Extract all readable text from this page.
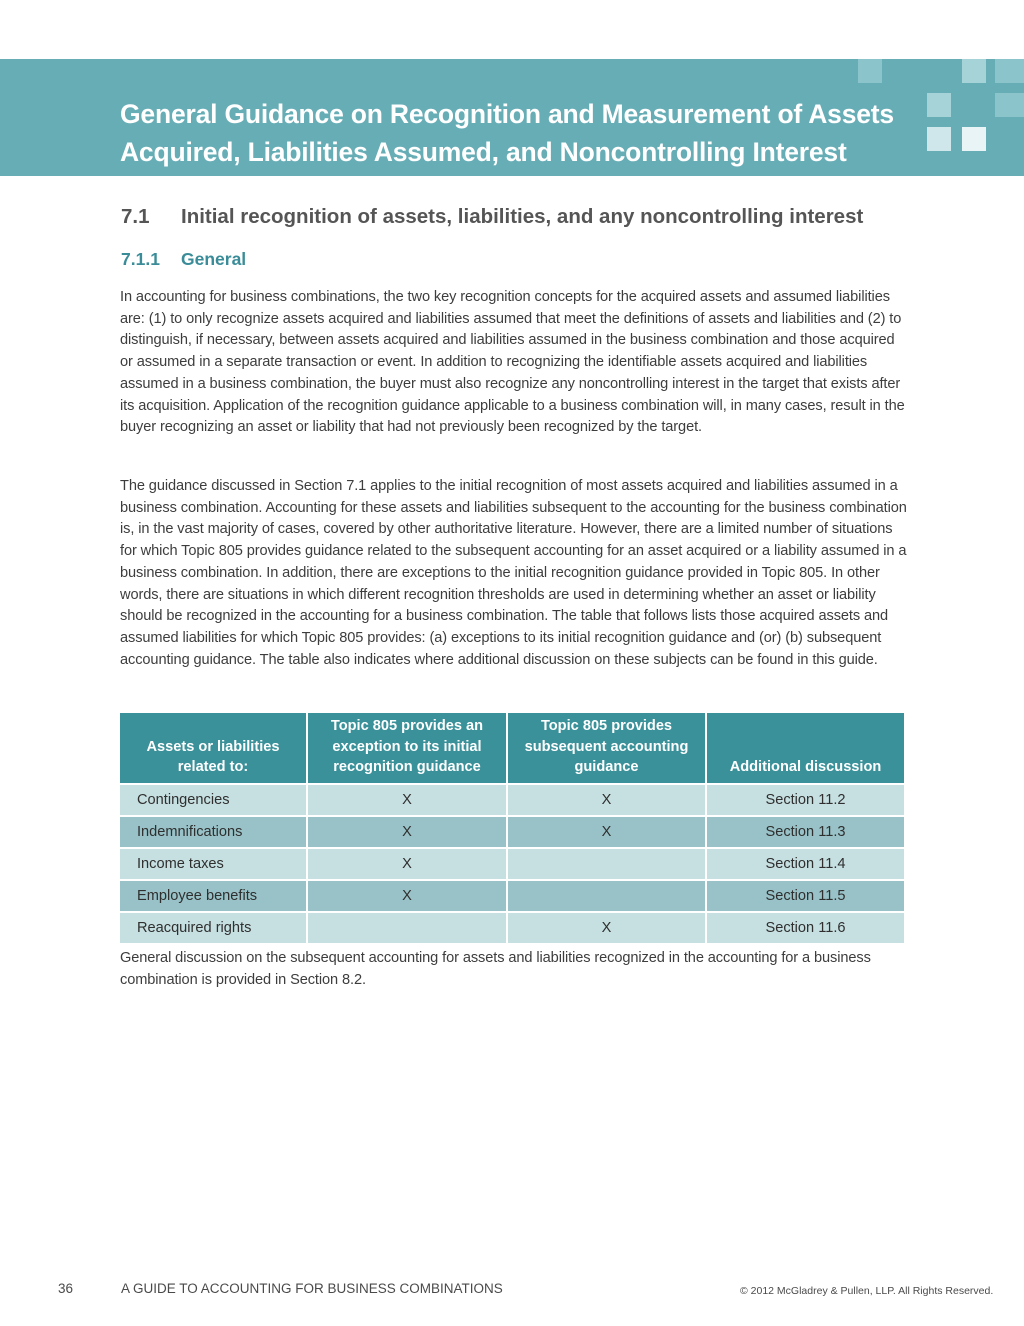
General Guidance on Recognition and Measurement of Assets
Acquired, Liabilities Assumed, and Noncontrolling Interest
7.1 Initial recognition of assets, liabilities, and any noncontrolling interest
7.1.1 General

In accounting for business combinations, the two key recognition concepts for the acquired assets and assumed liabilities are: (1) to only recognize assets acquired and liabilities assumed that meet the definitions of assets and liabilities and (2) to distinguish, if necessary, between assets acquired and liabilities assumed in the business combination and those acquired or assumed in a separate transaction or event. In addition to recognizing the identifiable assets acquired and liabilities assumed in a business combination, the buyer must also recognize any noncontrolling interest in the target that exists after its acquisition. Application of the recognition guidance applicable to a business combination will, in many cases, result in the buyer recognizing an asset or liability that had not previously been recognized by the target.

The guidance discussed in Section 7.1 applies to the initial recognition of most assets acquired and liabilities assumed in a business combination. Accounting for these assets and liabilities subsequent to the accounting for the business combination is, in the vast majority of cases, covered by other authoritative literature. However, there are a limited number of situations for which Topic 805 provides guidance related to the subsequent accounting for an asset acquired or a liability assumed in a business combination. In addition, there are exceptions to the initial recognition guidance provided in Topic 805. In other words, there are situations in which different recognition thresholds are used in determining whether an asset or liability should be recognized in the accounting for a business combination. The table that follows lists those acquired assets and assumed liabilities for which Topic 805 provides: (a) exceptions to its initial recognition guidance and (or) (b) subsequent accounting guidance. The table also indicates where additional discussion on these subjects can be found in this guide.

Assets or liabilities related to:	Topic 805 provides an exception to its initial recognition guidance	Topic 805 provides subsequent accounting guidance	Additional discussion
Contingencies	X	X	Section 11.2
Indemnifications	X	X	Section 11.3
Income taxes	X		Section 11.4
Employee benefits	X		Section 11.5
Reacquired rights		X	Section 11.6

General discussion on the subsequent accounting for assets and liabilities recognized in the accounting for a business combination is provided in Section 8.2.

36	A GUIDE TO ACCOUNTING FOR BUSINESS COMBINATIONS	© 2012 McGladrey & Pullen, LLP. All Rights Reserved.
